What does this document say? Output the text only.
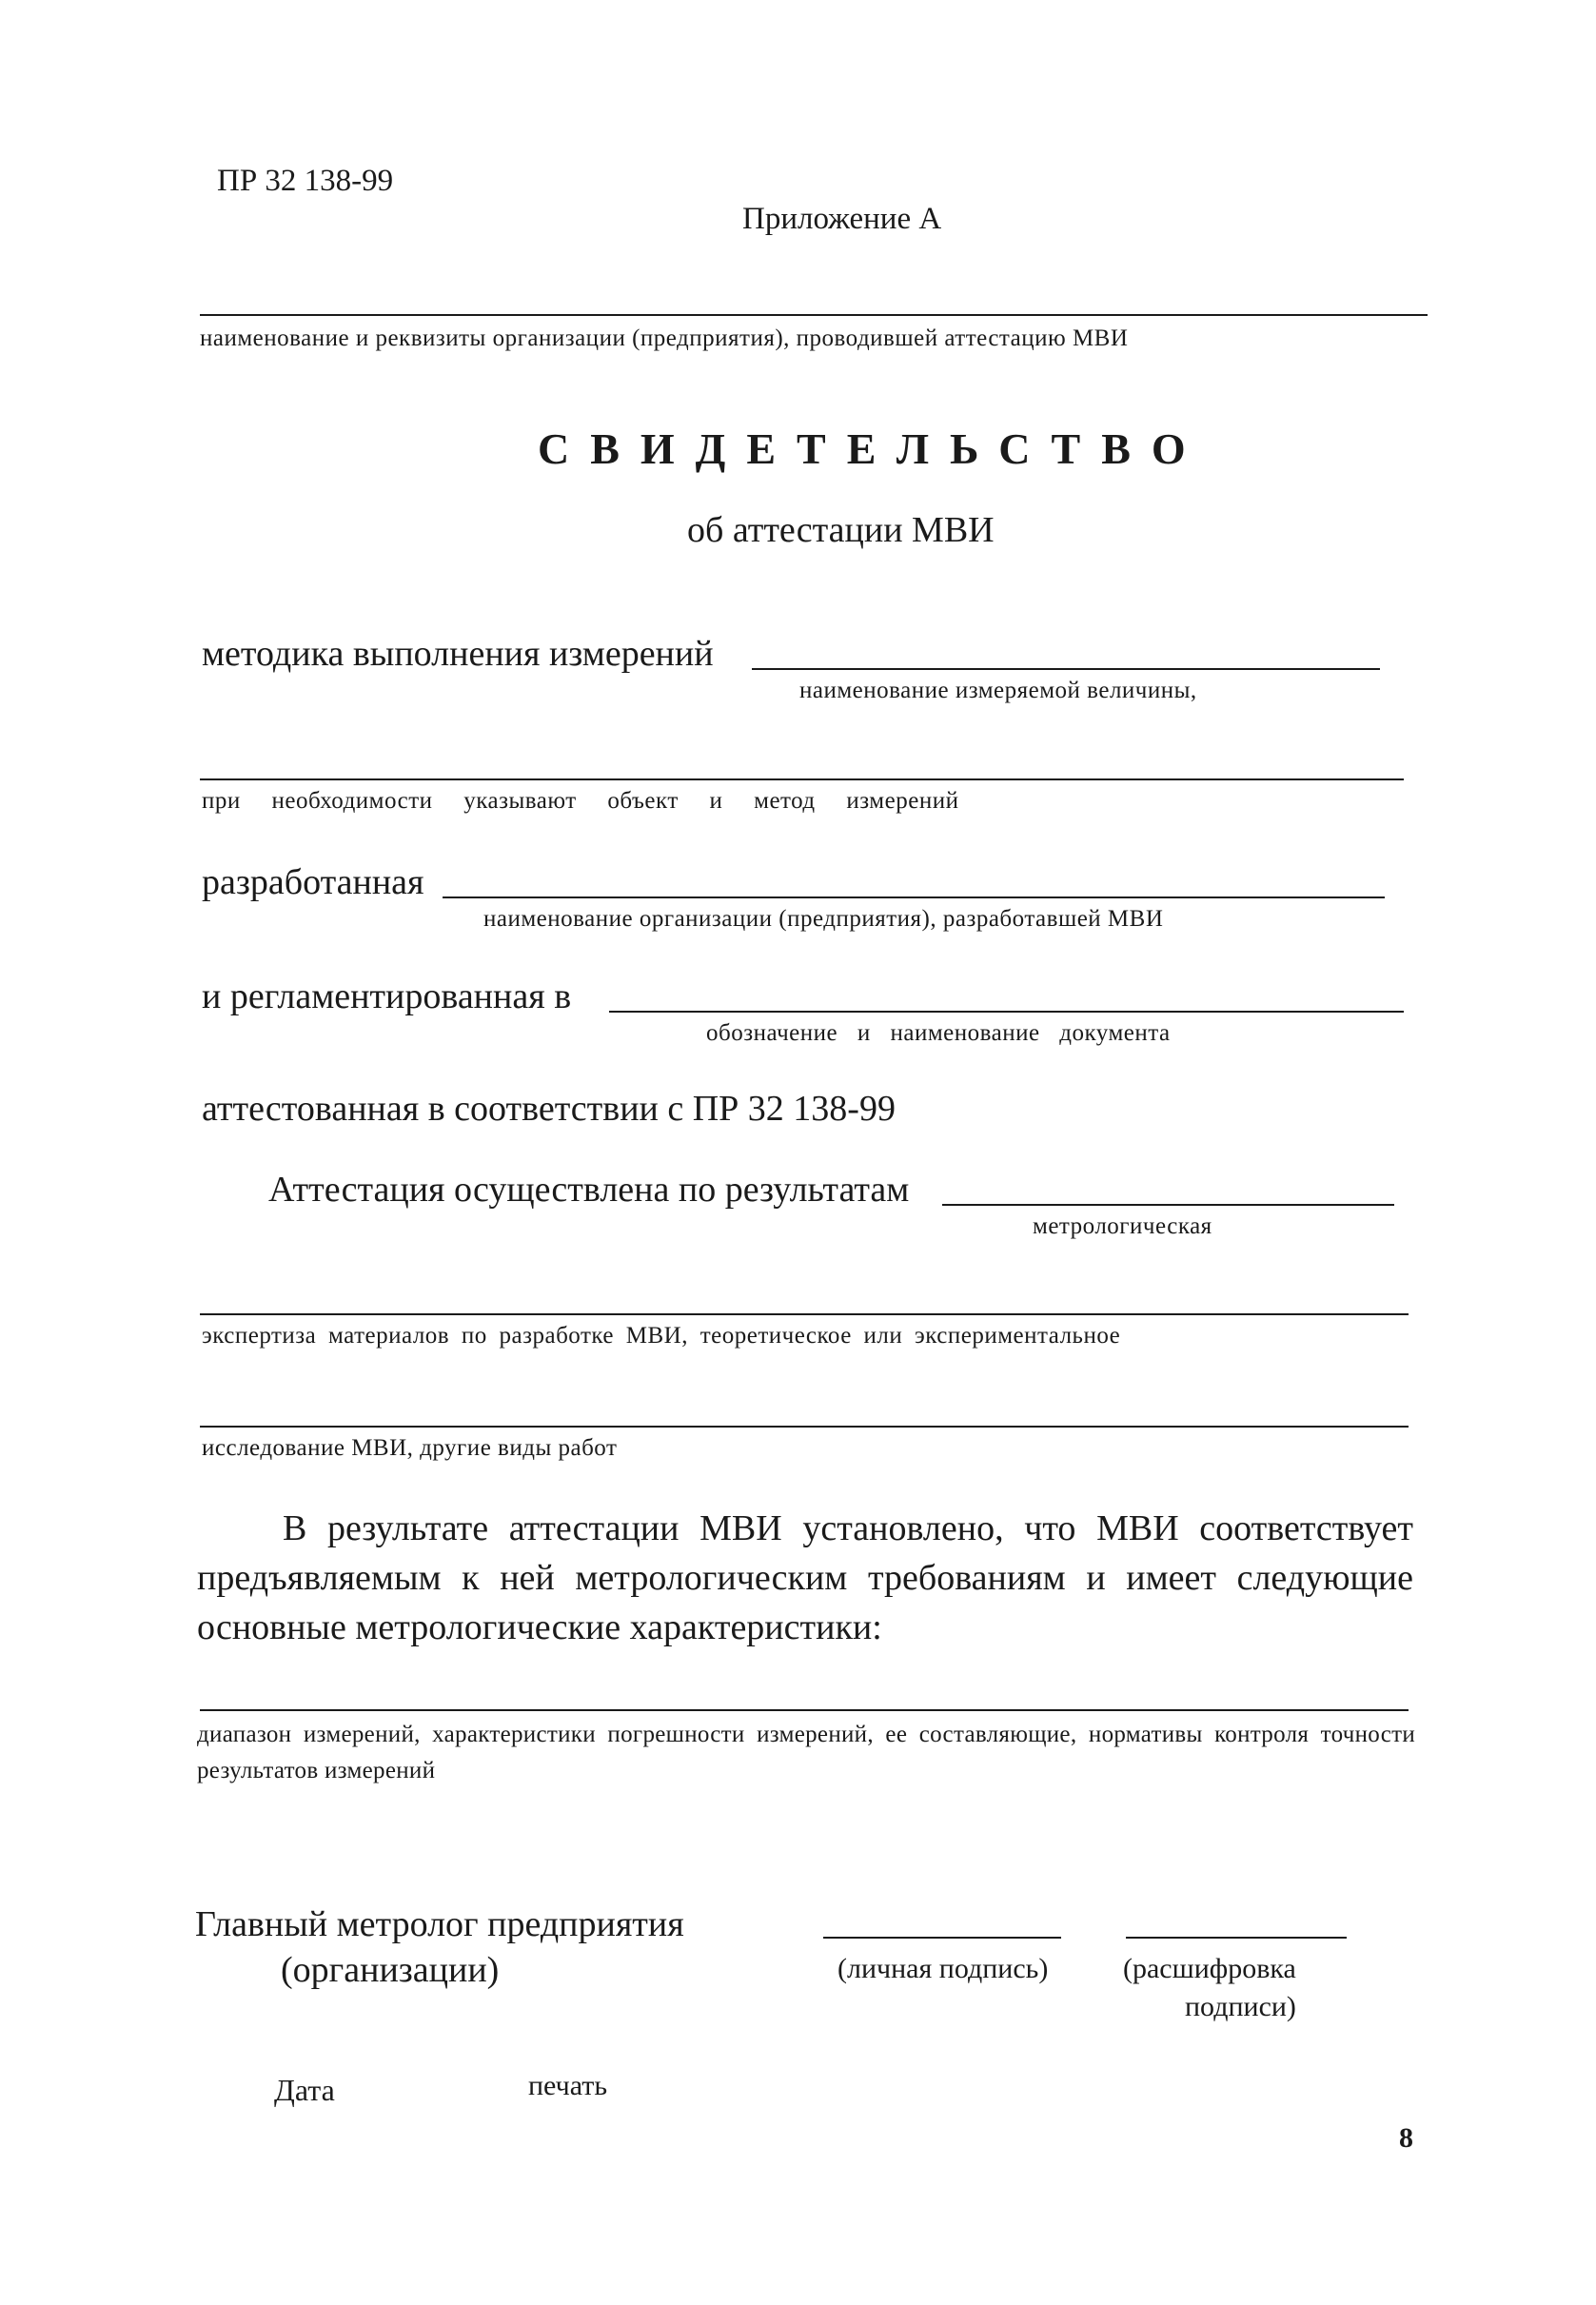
ПР 32 138-99
Приложение А
наименование и реквизиты организации (предприятия), проводившей аттестацию МВИ
СВИДЕТЕЛЬСТВО
об аттестации МВИ
методика выполнения измерений
наименование измеряемой величины,
при необходимости указывают объект и метод измерений
разработанная
наименование организации (предприятия), разработавшей МВИ
и регламентированная в
обозначение и наименование документа
аттестованная в соответствии с ПР 32 138-99
Аттестация осуществлена по результатам
метрологическая
экспертиза материалов по разработке МВИ, теоретическое или экспериментальное
исследование МВИ, другие виды работ
В результате аттестации МВИ установлено, что МВИ соответствует предъявляемым к ней метрологическим требованиям и имеет следующие основные метрологические характеристики:
диапазон измерений, характеристики погрешности измерений, ее составляющие, нормативы контроля точности результатов измерений
Главный метролог предприятия
(организации)	(личная подпись)	(расшифровка
подписи)
Дата	печать
8
